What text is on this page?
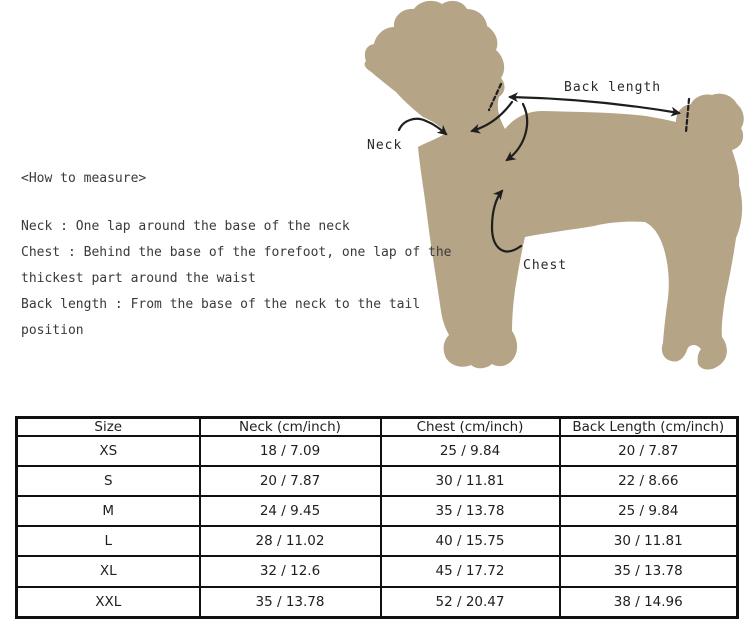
Back length
Neck
Chest
<How to measure>

Neck : One lap around the base of the neck

Chest : Behind the base of the forefoot, one lap of the thickest part around the waist

Back length : From the base of the neck to the tail position

Size	Neck (cm/inch)	Chest (cm/inch)	Back Length (cm/inch)
XS	18 / 7.09	25 / 9.84	20 / 7.87
S	20 / 7.87	30 / 11.81	22 / 8.66
M	24 / 9.45	35 / 13.78	25 / 9.84
L	28 / 11.02	40 / 15.75	30 / 11.81
XL	32 / 12.6	45 / 17.72	35 / 13.78
XXL	35 / 13.78	52 / 20.47	38 / 14.96
